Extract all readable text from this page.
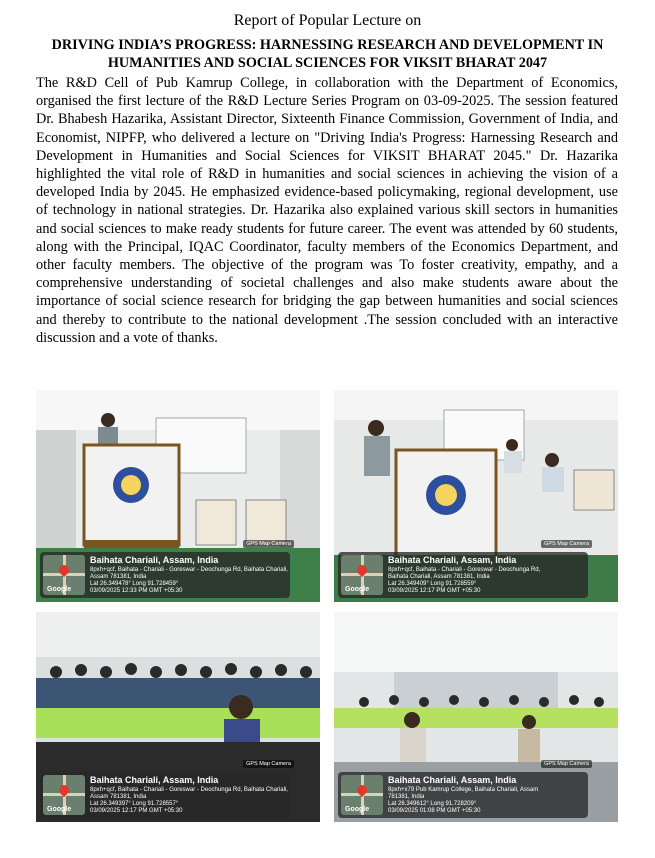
Report of Popular Lecture on
DRIVING INDIA’S PROGRESS: HARNESSING RESEARCH AND DEVELOPMENT IN HUMANITIES AND SOCIAL SCIENCES FOR VIKSIT BHARAT 2047

The R&D Cell of Pub Kamrup College, in collaboration with the Department of Economics, organised the first lecture of the R&D Lecture Series Program on 03-09-2025. The session featured Dr. Bhabesh Hazarika, Assistant Director, Sixteenth Finance Commission, Government of India, and Economist, NIPFP, who delivered a lecture on "Driving India's Progress: Harnessing Research and Development in Humanities and Social Sciences for VIKSIT BHARAT 2045." Dr. Hazarika highlighted the vital role of R&D in humanities and social sciences in achieving the vision of a developed India by 2045. He emphasized evidence-based policymaking, regional development, use of technology in national strategies. Dr. Hazarika also explained various skill sectors in humanities and social sciences to make ready students for future career. The event was attended by 60 students, along with the Principal, IQAC Coordinator, faculty members of the Economics Department, and other faculty members. The objective of the program was To foster creativity, empathy, and a comprehensive understanding of societal challenges and also make students aware about the importance of social science research for bridging the gap between humanities and social sciences and thereby to contribute to the national development .The session concluded with an interactive discussion and a vote of thanks.

GPS Map Camera
Google
Baihata Chariali, Assam, India
8pxh+qcf, Baihata - Chariali - Goreswar - Deochunga Rd, Baihata Chariali,
Assam 781381, India
Lat 26.349478° Long 91.728459°
03/09/2025 12:33 PM GMT +05:30
GPS Map Camera
Google
Baihata Chariali, Assam, India
8pxh+qcf, Baihata - Chariali - Goreswar - Deochunga Rd,
Baihata Chariali, Assam 781381, India
Lat 26.349409° Long 91.728559°
03/09/2025 12:17 PM GMT +05:30
GPS Map Camera
Google
Baihata Chariali, Assam, India
8pxh+qcf, Baihata - Chariali - Goreswar - Deochunga Rd, Baihata Chariali,
Assam 781381, India
Lat 26.349397° Long 91.728557°
03/09/2025 12:17 PM GMT +05:30
GPS Map Camera
Google
Baihata Chariali, Assam, India
8pxh+x79 Pub Kamrup College, Baihata Chariali, Assam
781381, India
Lat 26.349612° Long 91.728209°
03/09/2025 01:08 PM GMT +05:30
